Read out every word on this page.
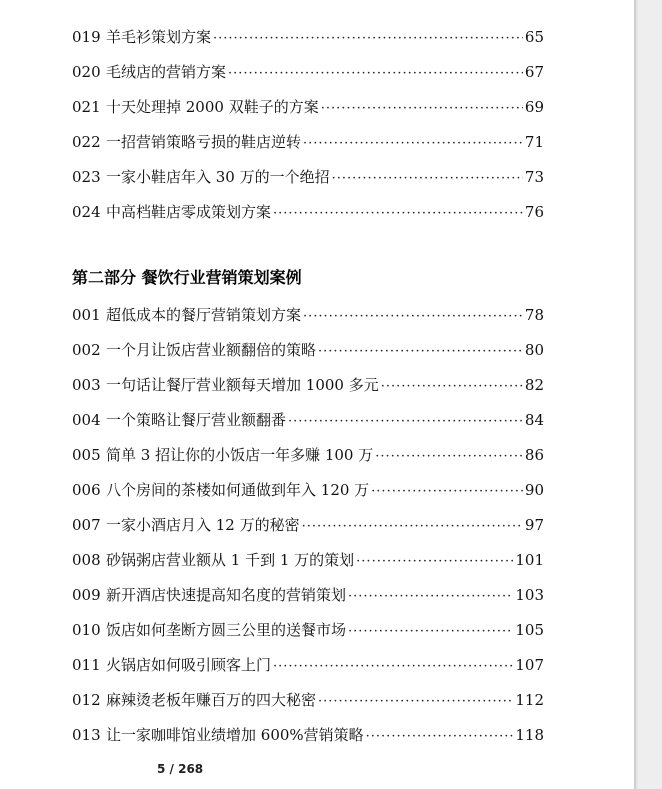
019 羊毛衫策划方案 ·····	65
020 毛绒店的营销方案 ·····	67
021 十天处理掉 2000 双鞋子的方案 ·····	69
022 一招营销策略亏损的鞋店逆转 ·····	71
023 一家小鞋店年入 30 万的一个绝招 ·····	73
024 中高档鞋店零成策划方案 ·····	76
第二部分 餐饮行业营销策划案例
001 超低成本的餐厅营销策划方案 ·····	78
002 一个月让饭店营业额翻倍的策略 ·····	80
003 一句话让餐厅营业额每天增加 1000 多元 ·····	82
004 一个策略让餐厅营业额翻番 ·····	84
005 简单 3 招让你的小饭店一年多赚 100 万 ·····	86
006 八个房间的茶楼如何通做到年入 120 万 ·····	90
007 一家小酒店月入 12 万的秘密 ·····	97
008 砂锅粥店营业额从 1 千到 1 万的策划 ·····	101
009 新开酒店快速提高知名度的营销策划 ·····	103
010 饭店如何垄断方圆三公里的送餐市场 ·····	105
011 火锅店如何吸引顾客上门 ·····	107
012 麻辣烫老板年赚百万的四大秘密 ·····	112
013 让一家咖啡馆业绩增加 600%营销策略 ·····	118
5 / 268
